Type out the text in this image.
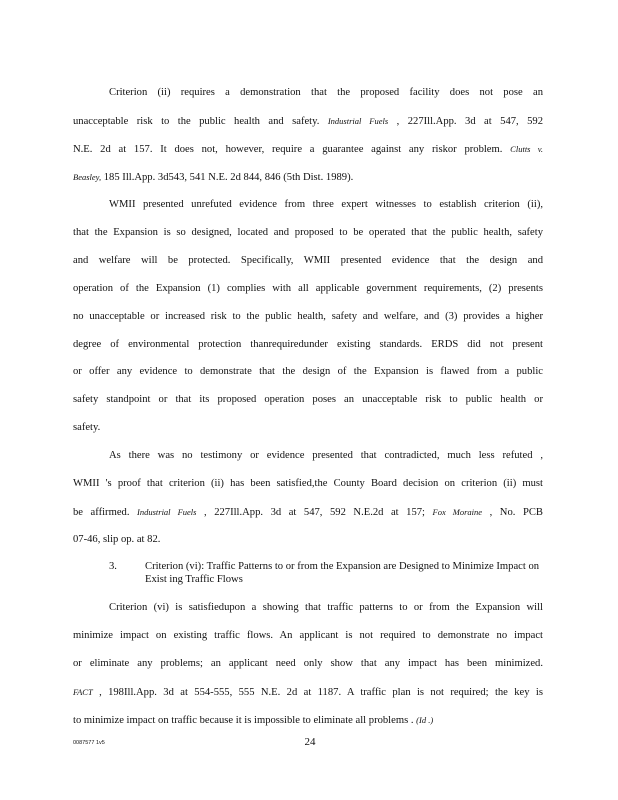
Criterion (ii) requires a demonstration that the proposed facility does not pose an

unacceptable risk to the public health and safety. Industrial Fuels , 227Ill.App. 3d at 547, 592

N.E. 2d at 157. It does not, however, require a guarantee against any riskor problem. Clutts v.

Beasley, 185 Ill.App. 3d543, 541 N.E. 2d 844, 846 (5th Dist. 1989).

WMII presented unrefuted evidence from three expert witnesses to establish criterion (ii),

that the Expansion is so designed, located and proposed to be operated that the public health, safety

and welfare will be protected. Specifically, WMII presented evidence that the design and

operation of the Expansion (1) complies with all applicable government requirements, (2) presents

no unacceptable or increased risk to the public health, safety and welfare, and (3) provides a higher

degree of environmental protection thanrequiredunder existing standards. ERDS did not present

or offer any evidence to demonstrate that the design of the Expansion is flawed from a public

safety standpoint or that its proposed operation poses an unacceptable risk to public health or

safety.

As there was no testimony or evidence presented that contradicted, much less refuted ,

WMII 's proof that criterion (ii) has been satisfied,the County Board decision on criterion (ii) must

be affirmed. Industrial Fuels , 227Ill.App. 3d at 547, 592 N.E.2d at 157; Fox Moraine , No. PCB

07-46, slip op. at 82.

3.	Criterion (vi): Traffic Patterns to or from the Expansion are Designed to Minimize Impact on Exist ing Traffic Flows

Criterion (vi) is satisfiedupon a showing that traffic patterns to or from the Expansion will

minimize impact on existing traffic flows. An applicant is not required to demonstrate no impact

or eliminate any problems; an applicant need only show that any impact has been minimized.

FACT , 198Ill.App. 3d at 554-555, 555 N.E. 2d at 1187. A traffic plan is not required; the key is

to minimize impact on traffic because it is impossible to eliminate all problems . (Id .)

0087577 1v5	24
